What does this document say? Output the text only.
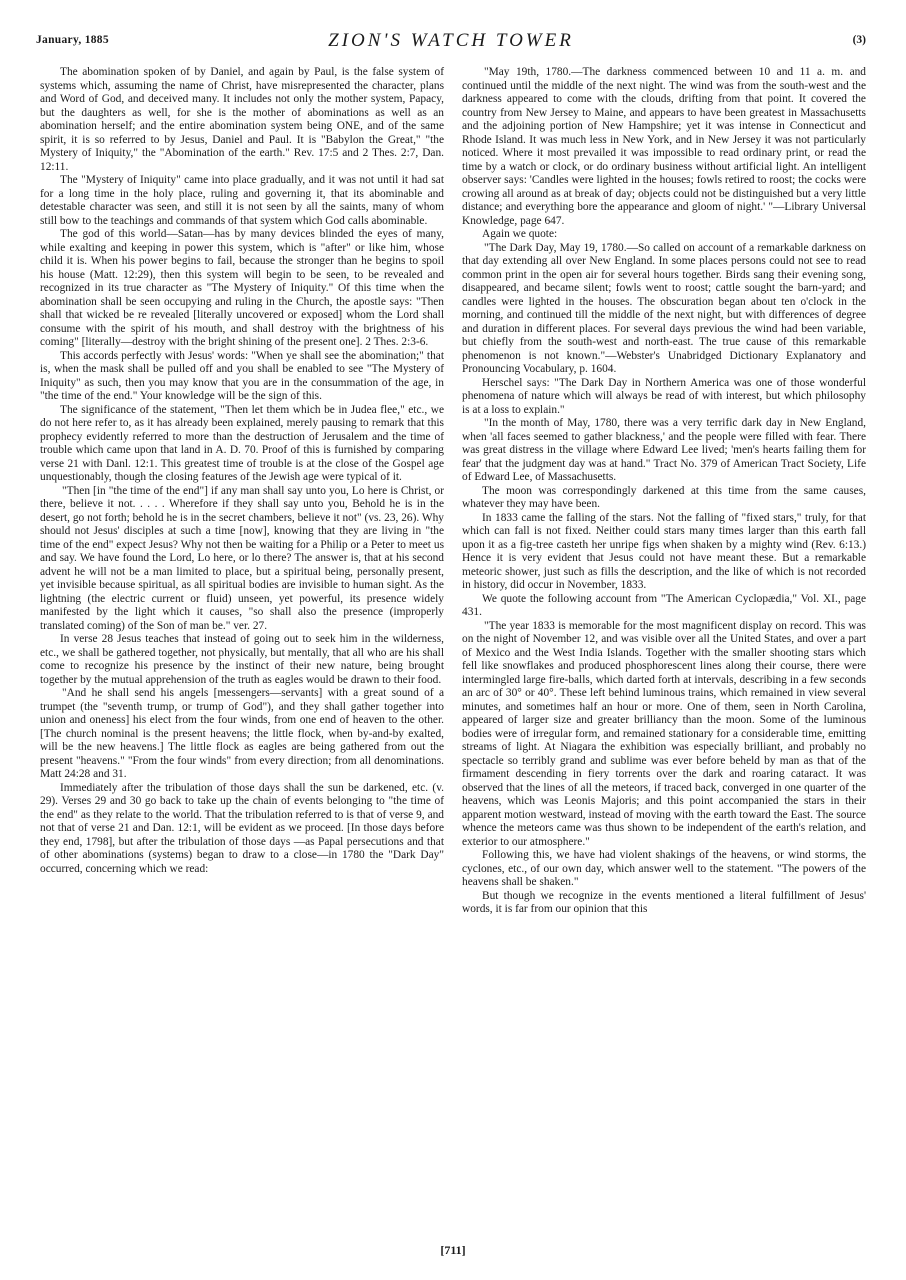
January, 1885	ZION'S WATCH TOWER	(3)

The abomination spoken of by Daniel, and again by Paul, is the false system of systems which, assuming the name of Christ, have misrepresented the character, plans and Word of God, and deceived many. It includes not only the mother system, Papacy, but the daughters as well, for she is the mother of abominations as well as an abomination herself; and the entire abomination system being ONE, and of the same spirit, it is so referred to by Jesus, Daniel and Paul. It is "Babylon the Great," "the Mystery of Iniquity," the "Abomination of the earth." Rev. 17:5 and 2 Thes. 2:7, Dan. 12:11.

The "Mystery of Iniquity" came into place gradually, and it was not until it had sat for a long time in the holy place, ruling and governing it, that its abominable and detestable character was seen, and still it is not seen by all the saints, many of whom still bow to the teachings and commands of that system which God calls abominable.

The god of this world—Satan—has by many devices blinded the eyes of many, while exalting and keeping in power this system, which is "after" or like him, whose child it is. When his power begins to fail, because the stronger than he begins to spoil his house (Matt. 12:29), then this system will begin to be seen, to be revealed and recognized in its true character as "The Mystery of Iniquity." Of this time when the abomination shall be seen occupying and ruling in the Church, the apostle says: "Then shall that wicked be re revealed [literally uncovered or exposed] whom the Lord shall consume with the spirit of his mouth, and shall destroy with the brightness of his coming" [literally—destroy with the bright shining of the present one]. 2 Thes. 2:3-6.

This accords perfectly with Jesus' words: "When ye shall see the abomination;" that is, when the mask shall be pulled off and you shall be enabled to see "The Mystery of Iniquity" as such, then you may know that you are in the consummation of the age, in "the time of the end." Your knowledge will be the sign of this.

The significance of the statement, "Then let them which be in Judea flee," etc., we do not here refer to, as it has already been explained, merely pausing to remark that this prophecy evidently referred to more than the destruction of Jerusalem and the time of trouble which came upon that land in A. D. 70. Proof of this is furnished by comparing verse 21 with Danl. 12:1. This greatest time of trouble is at the close of the Gospel age unquestionably, though the closing features of the Jewish age were typical of it.

"Then [in "the time of the end"] if any man shall say unto you, Lo here is Christ, or there, believe it not. . . . . Wherefore if they shall say unto you, Behold he is in the desert, go not forth; behold he is in the secret chambers, believe it not" (vs. 23, 26). Why should not Jesus' disciples at such a time [now], knowing that they are living in "the time of the end" expect Jesus? Why not then be waiting for a Philip or a Peter to meet us and say. We have found the Lord, Lo here, or lo there? The answer is, that at his second advent he will not be a man limited to place, but a spiritual being, personally present, yet invisible because spiritual, as all spiritual bodies are invisible to human sight. As the lightning (the electric current or fluid) unseen, yet powerful, its presence widely manifested by the light which it causes, "so shall also the presence (improperly translated coming) of the Son of man be." ver. 27.

In verse 28 Jesus teaches that instead of going out to seek him in the wilderness, etc., we shall be gathered together, not physically, but mentally, that all who are his shall come to recognize his presence by the instinct of their new nature, being brought together by the mutual apprehension of the truth as eagles would be drawn to their food.

"And he shall send his angels [messengers—servants] with a great sound of a trumpet (the "seventh trump, or trump of God"), and they shall gather together into union and oneness] his elect from the four winds, from one end of heaven to the other. [The church nominal is the present heavens; the little flock, when by-and-by exalted, will be the new heavens.] The little flock as eagles are being gathered from out the present "heavens." "From the four winds" from every direction; from all denominations. Matt 24:28 and 31.

Immediately after the tribulation of those days shall the sun be darkened, etc. (v. 29). Verses 29 and 30 go back to take up the chain of events belonging to "the time of the end" as they relate to the world. That the tribulation referred to is that of verse 9, and not that of verse 21 and Dan. 12:1, will be evident as we proceed. [In those days before they end, 1798], but after the tribulation of those days —as Papal persecutions and that of other abominations (systems) began to draw to a close—in 1780 the "Dark Day" occurred, concerning which we read:

"May 19th, 1780.—The darkness commenced between 10 and 11 a. m. and continued until the middle of the next night. The wind was from the south-west and the darkness appeared to come with the clouds, drifting from that point. It covered the country from New Jersey to Maine, and appears to have been greatest in Massachusetts and the adjoining portion of New Hampshire; yet it was intense in Connecticut and Rhode Island. It was much less in New York, and in New Jersey it was not particularly noticed. Where it most prevailed it was impossible to read ordinary print, or read the time by a watch or clock, or do ordinary business without artificial light. An intelligent observer says: 'Candles were lighted in the houses; fowls retired to roost; the cocks were crowing all around as at break of day; objects could not be distinguished but a very little distance; and everything bore the appearance and gloom of night.' "—Library Universal Knowledge, page 647.

Again we quote:

"The Dark Day, May 19, 1780.—So called on account of a remarkable darkness on that day extending all over New England. In some places persons could not see to read common print in the open air for several hours together. Birds sang their evening song, disappeared, and became silent; fowls went to roost; cattle sought the barn-yard; and candles were lighted in the houses. The obscuration began about ten o'clock in the morning, and continued till the middle of the next night, but with differences of degree and duration in different places. For several days previous the wind had been variable, but chiefly from the south-west and north-east. The true cause of this remarkable phenomenon is not known."—Webster's Unabridged Dictionary Explanatory and Pronouncing Vocabulary, p. 1604.

Herschel says: "The Dark Day in Northern America was one of those wonderful phenomena of nature which will always be read of with interest, but which philosophy is at a loss to explain."

"In the month of May, 1780, there was a very terrific dark day in New England, when 'all faces seemed to gather blackness,' and the people were filled with fear. There was great distress in the village where Edward Lee lived; 'men's hearts failing them for fear' that the judgment day was at hand." Tract No. 379 of American Tract Society, Life of Edward Lee, of Massachusetts.

The moon was correspondingly darkened at this time from the same causes, whatever they may have been.

In 1833 came the falling of the stars. Not the falling of "fixed stars," truly, for that which can fall is not fixed. Neither could stars many times larger than this earth fall upon it as a fig-tree casteth her unripe figs when shaken by a mighty wind (Rev. 6:13.) Hence it is very evident that Jesus could not have meant these. But a remarkable meteoric shower, just such as fills the description, and the like of which is not recorded in history, did occur in November, 1833.

We quote the following account from "The American Cyclopædia," Vol. XI., page 431.

"The year 1833 is memorable for the most magnificent display on record. This was on the night of November 12, and was visible over all the United States, and over a part of Mexico and the West India Islands. Together with the smaller shooting stars which fell like snowflakes and produced phosphorescent lines along their course, there were intermingled large fire-balls, which darted forth at intervals, describing in a few seconds an arc of 30° or 40°. These left behind luminous trains, which remained in view several minutes, and sometimes half an hour or more. One of them, seen in North Carolina, appeared of larger size and greater brilliancy than the moon. Some of the luminous bodies were of irregular form, and remained stationary for a considerable time, emitting streams of light. At Niagara the exhibition was especially brilliant, and probably no spectacle so terribly grand and sublime was ever before beheld by man as that of the firmament descending in fiery torrents over the dark and roaring cataract. It was observed that the lines of all the meteors, if traced back, converged in one quarter of the heavens, which was Leonis Majoris; and this point accompanied the stars in their apparent motion westward, instead of moving with the earth toward the East. The source whence the meteors came was thus shown to be independent of the earth's relation, and exterior to our atmosphere."

Following this, we have had violent shakings of the heavens, or wind storms, the cyclones, etc., of our own day, which answer well to the statement. "The powers of the heavens shall be shaken."

But though we recognize in the events mentioned a literal fulfillment of Jesus' words, it is far from our opinion that this

[711]
